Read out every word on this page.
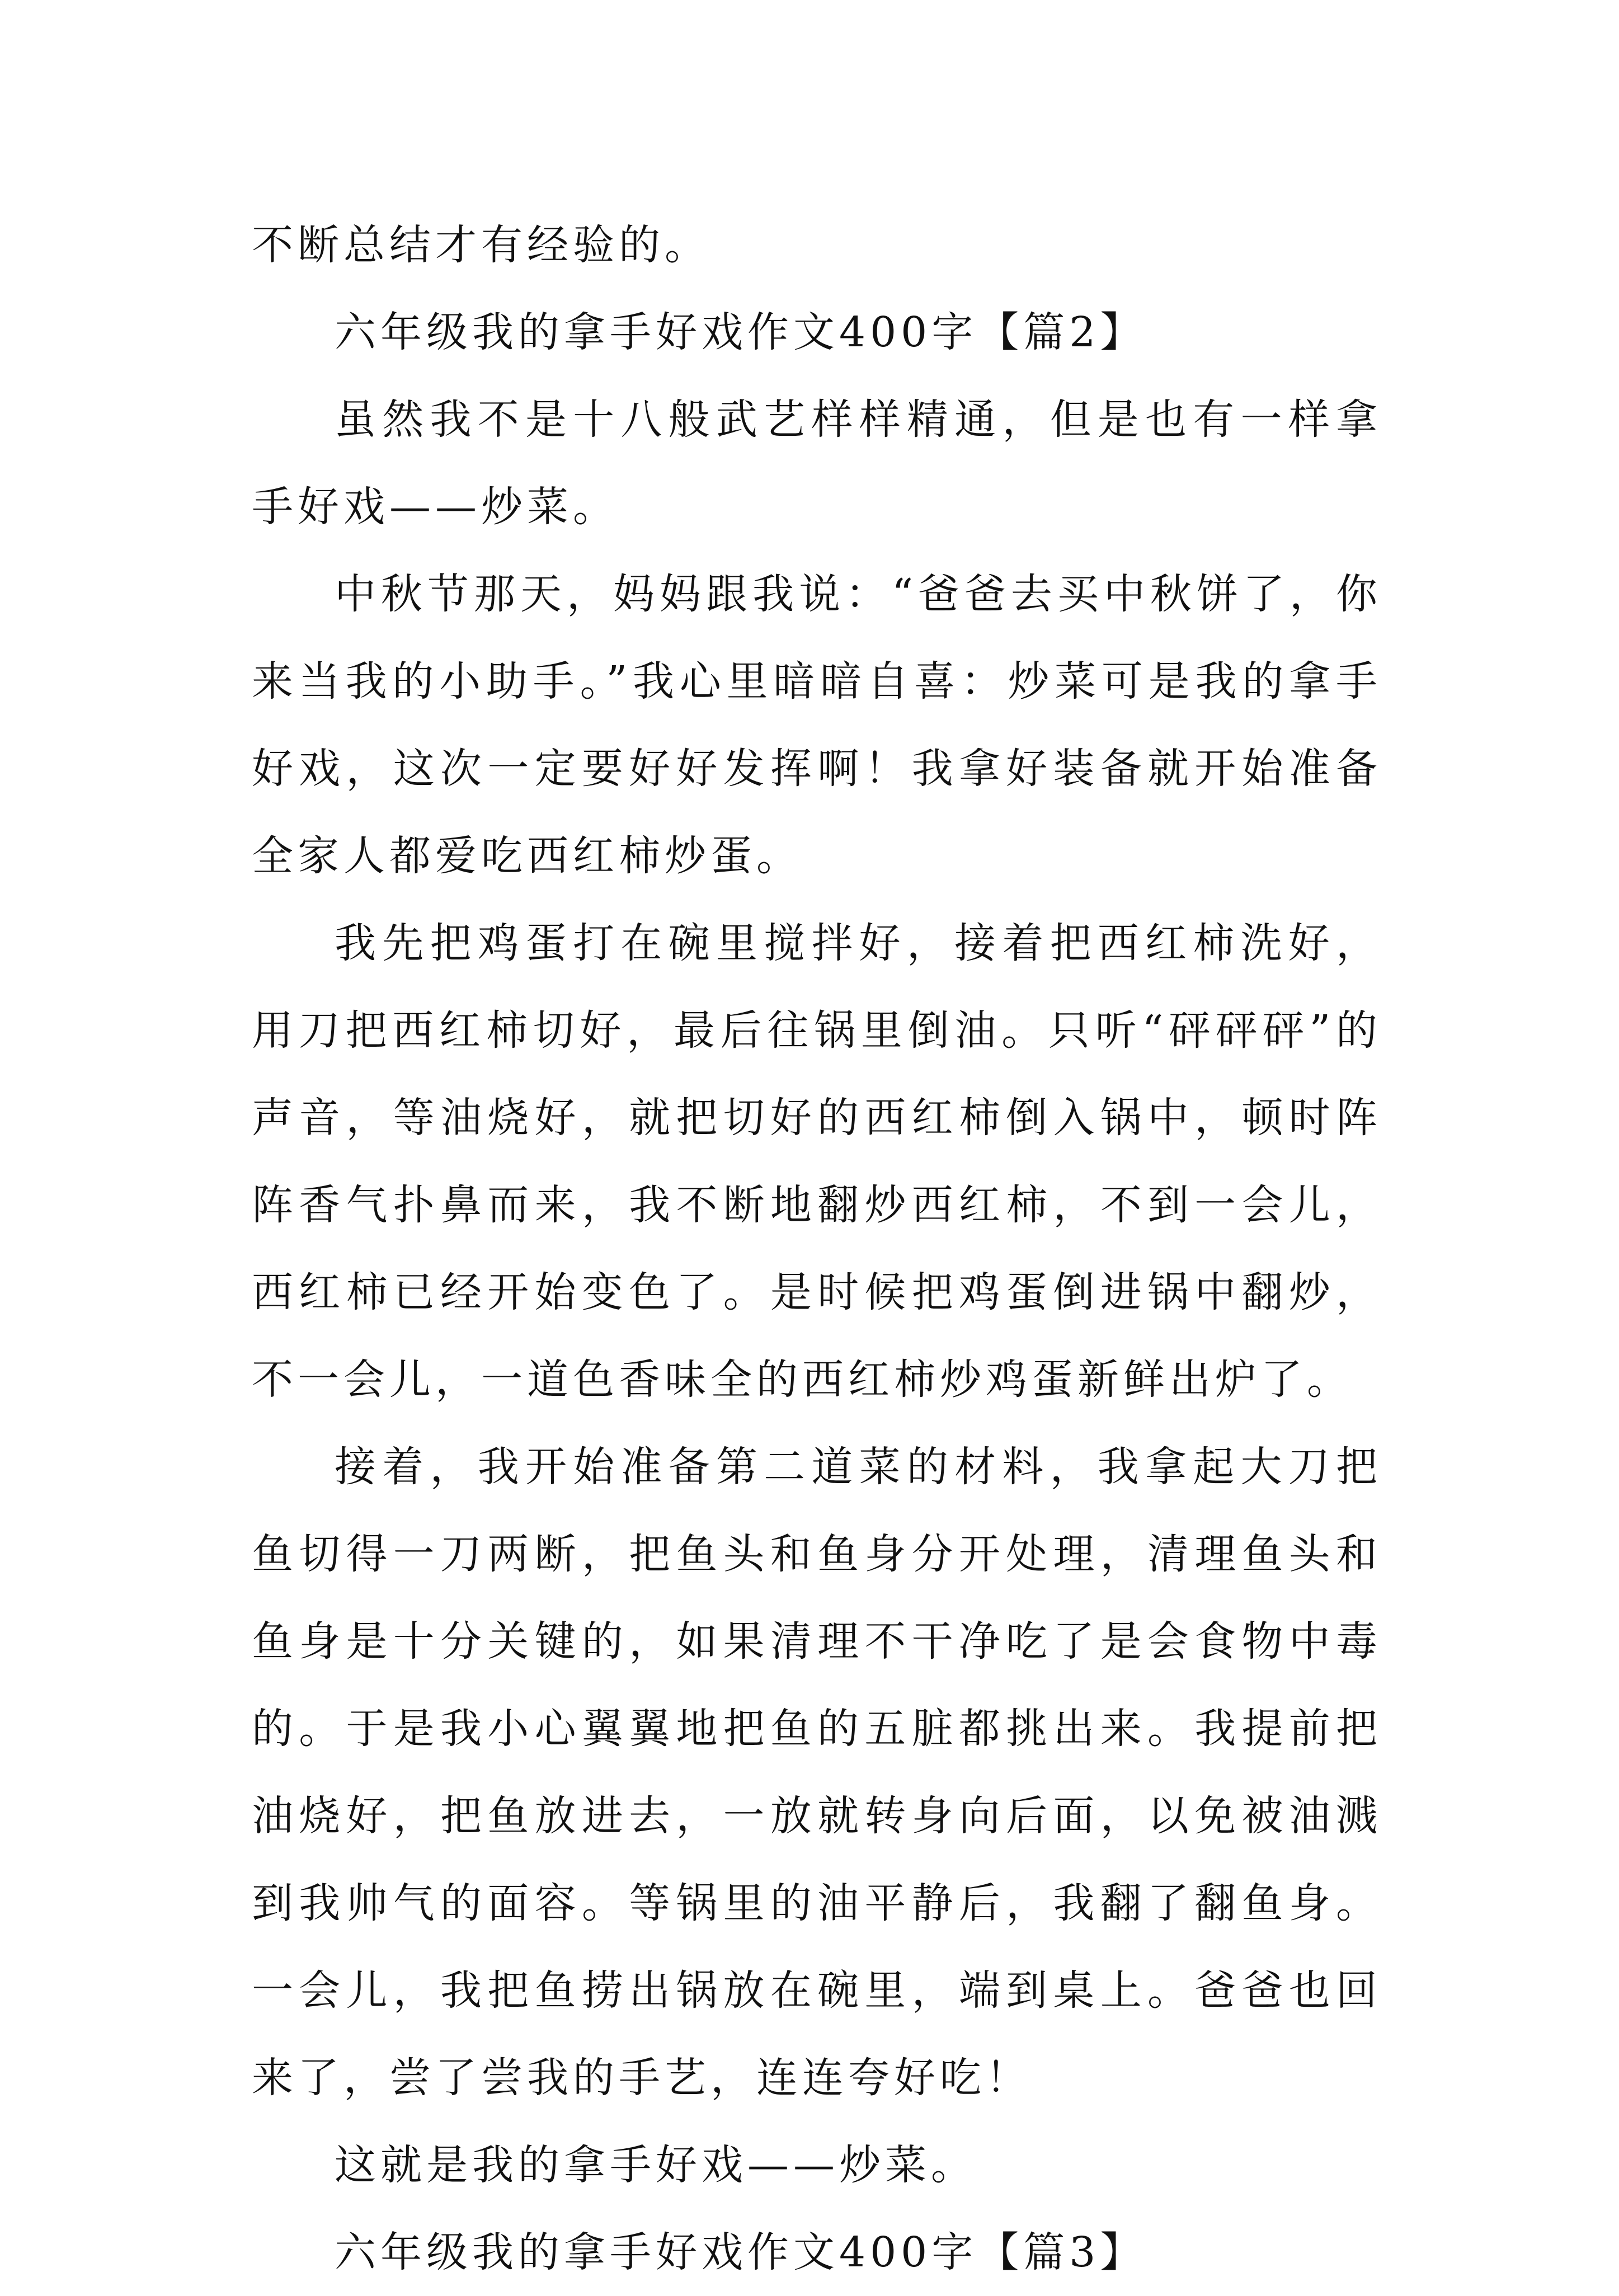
不断总结才有经验的。

六年级我的拿手好戏作文400字【篇2】

虽然我不是十八般武艺样样精通，但是也有一样拿手好戏——炒菜。

中秋节那天，妈妈跟我说：“爸爸去买中秋饼了，你来当我的小助手。”我心里暗暗自喜：炒菜可是我的拿手好戏，这次一定要好好发挥啊！我拿好装备就开始准备全家人都爱吃西红柿炒蛋。

我先把鸡蛋打在碗里搅拌好，接着把西红柿洗好，用刀把西红柿切好，最后往锅里倒油。只听“砰砰砰”的声音，等油烧好，就把切好的西红柿倒入锅中，顿时阵阵香气扑鼻而来，我不断地翻炒西红柿，不到一会儿，西红柿已经开始变色了。是时候把鸡蛋倒进锅中翻炒，不一会儿，一道色香味全的西红柿炒鸡蛋新鲜出炉了。

接着，我开始准备第二道菜的材料，我拿起大刀把鱼切得一刀两断，把鱼头和鱼身分开处理，清理鱼头和鱼身是十分关键的，如果清理不干净吃了是会食物中毒的。于是我小心翼翼地把鱼的五脏都挑出来。我提前把油烧好，把鱼放进去，一放就转身向后面，以免被油溅到我帅气的面容。等锅里的油平静后，我翻了翻鱼身。一会儿，我把鱼捞出锅放在碗里，端到桌上。爸爸也回来了，尝了尝我的手艺，连连夸好吃！

这就是我的拿手好戏——炒菜。

六年级我的拿手好戏作文400字【篇3】
